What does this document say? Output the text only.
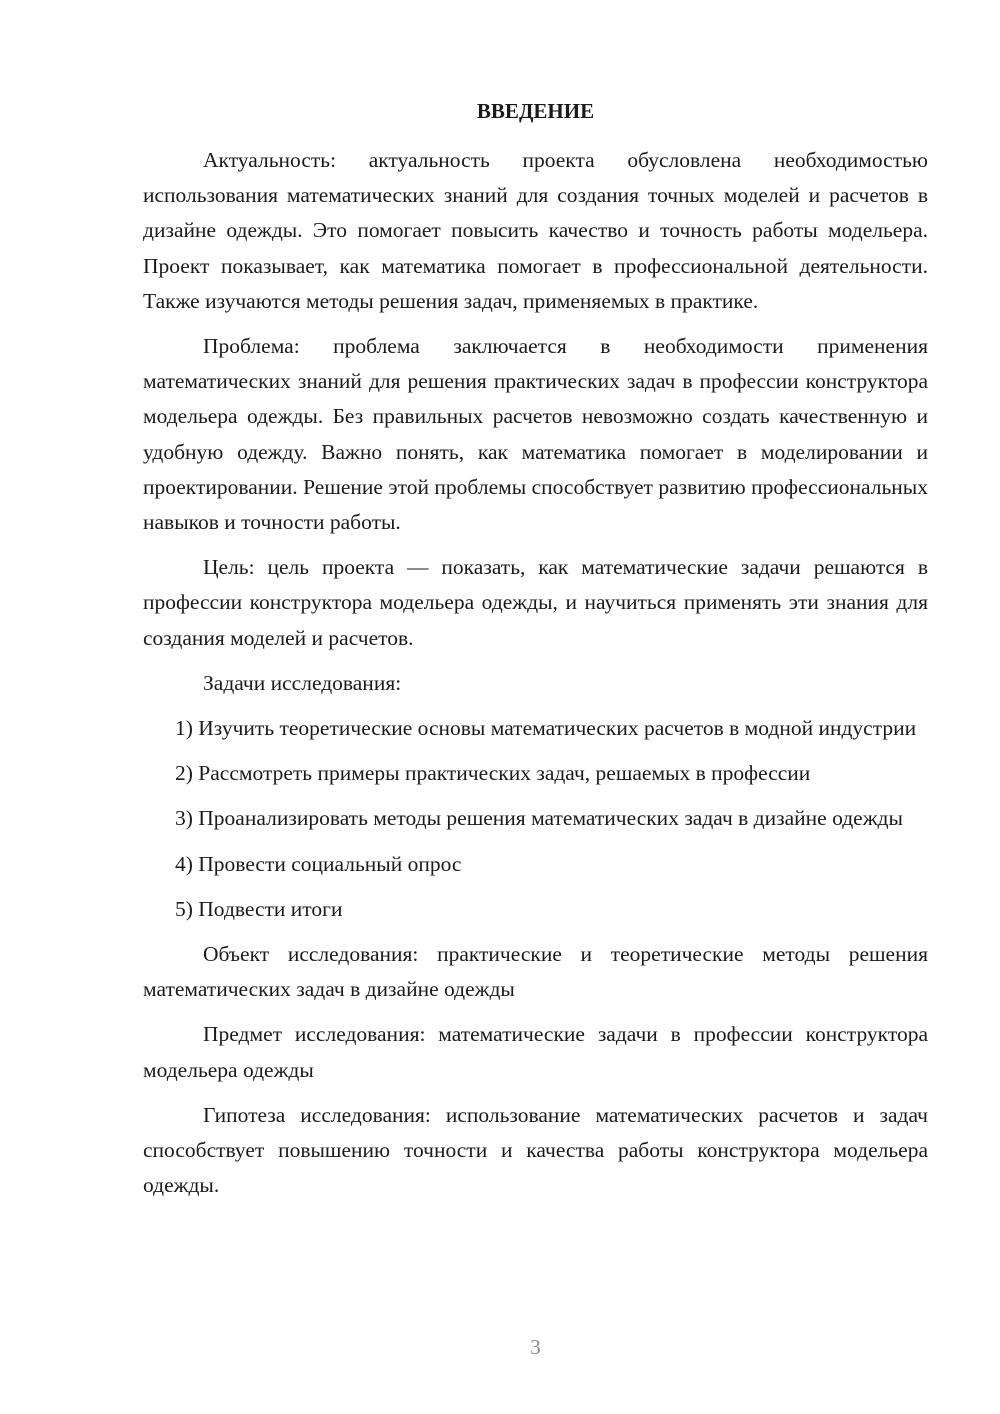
ВВЕДЕНИЕ

Актуальность: актуальность проекта обусловлена необходимостью использования математических знаний для создания точных моделей и расчетов в дизайне одежды. Это помогает повысить качество и точность работы модельера. Проект показывает, как математика помогает в профессиональной деятельности. Также изучаются методы решения задач, применяемых в практике.

Проблема: проблема заключается в необходимости применения математических знаний для решения практических задач в профессии конструктора модельера одежды. Без правильных расчетов невозможно создать качественную и удобную одежду. Важно понять, как математика помогает в моделировании и проектировании. Решение этой проблемы способствует развитию профессиональных навыков и точности работы.

Цель: цель проекта — показать, как математические задачи решаются в профессии конструктора модельера одежды, и научиться применять эти знания для создания моделей и расчетов.

Задачи исследования:

1) Изучить теоретические основы математических расчетов в модной индустрии

2) Рассмотреть примеры практических задач, решаемых в профессии

3) Проанализировать методы решения математических задач в дизайне одежды

4) Провести социальный опрос

5) Подвести итоги

Объект исследования: практические и теоретические методы решения математических задач в дизайне одежды

Предмет исследования: математические задачи в профессии конструктора модельера одежды

Гипотеза исследования: использование математических расчетов и задач способствует повышению точности и качества работы конструктора модельера одежды.

3
